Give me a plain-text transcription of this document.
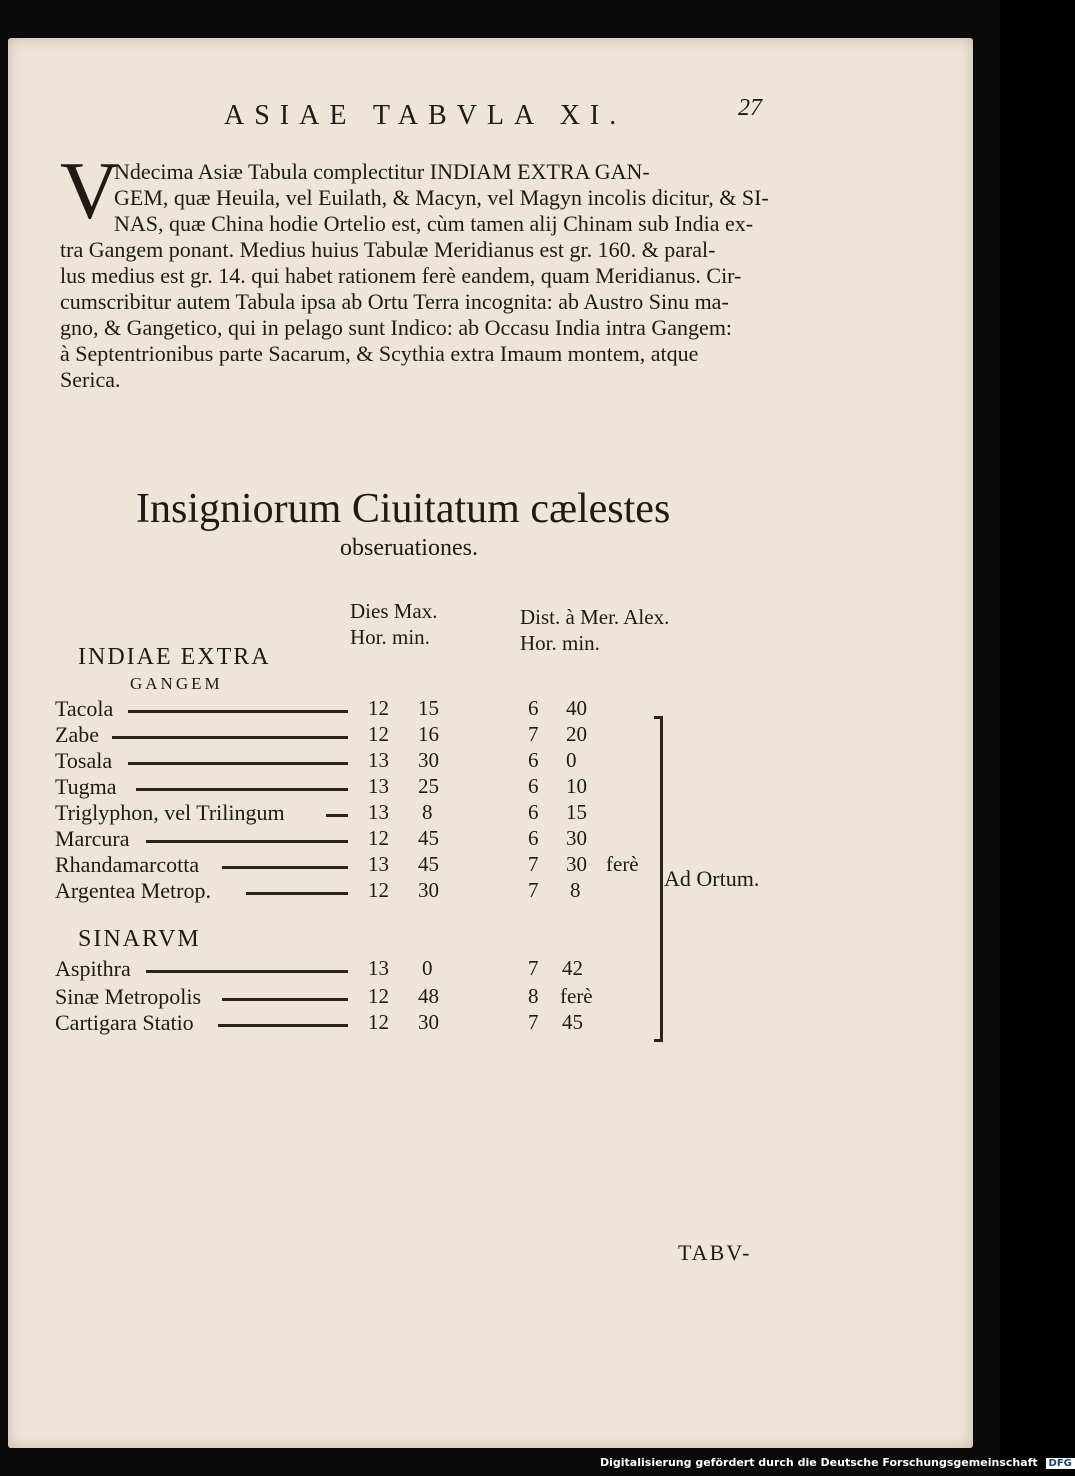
ASIAE TABVLA XI.	27
V
Ndecima Asiæ Tabula complectitur INDIAM EXTRA GAN-
GEM, quæ Heuila, vel Euilath, & Macyn, vel Magyn incolis dicitur, & SI-
NAS, quæ China hodie Ortelio est, cùm tamen alij Chinam sub India ex-
tra Gangem ponant. Medius huius Tabulæ Meridianus est gr. 160. & paral-
lus medius est gr. 14. qui habet rationem ferè eandem, quam Meridianus. Cir-
cumscribitur autem Tabula ipsa ab Ortu Terra incognita: ab Austro Sinu ma-
gno, & Gangetico, qui in pelago sunt Indico: ab Occasu India intra Gangem:
à Septentrionibus parte Sacarum, & Scythia extra Imaum montem, atque
Serica.
Insigniorum Ciuitatum cælestes
obseruationes.
Dies Max.
Hor. min.
Dist. à Mer. Alex.
Hor. min.
INDIAE EXTRA
GANGEM
Tacola	12 15	6 40
Zabe	12 16	7 20
Tosala	13 30	6 0
Tugma	13 25	6 10
Triglyphon, vel Trilingum	13 8	6 15
Marcura	12 45	6 30
Rhandamarcotta	13 45	7 30 ferè
Argentea Metrop.	12 30	7 8
SINARVM
Aspithra	13 0	7 42
Sinæ Metropolis	12 48	8 ferè
Cartigara Statio	12 30	7 45
Ad Ortum.
TABV-
Digitalisierung gefördert durch die Deutsche Forschungsgemeinschaft DFG
